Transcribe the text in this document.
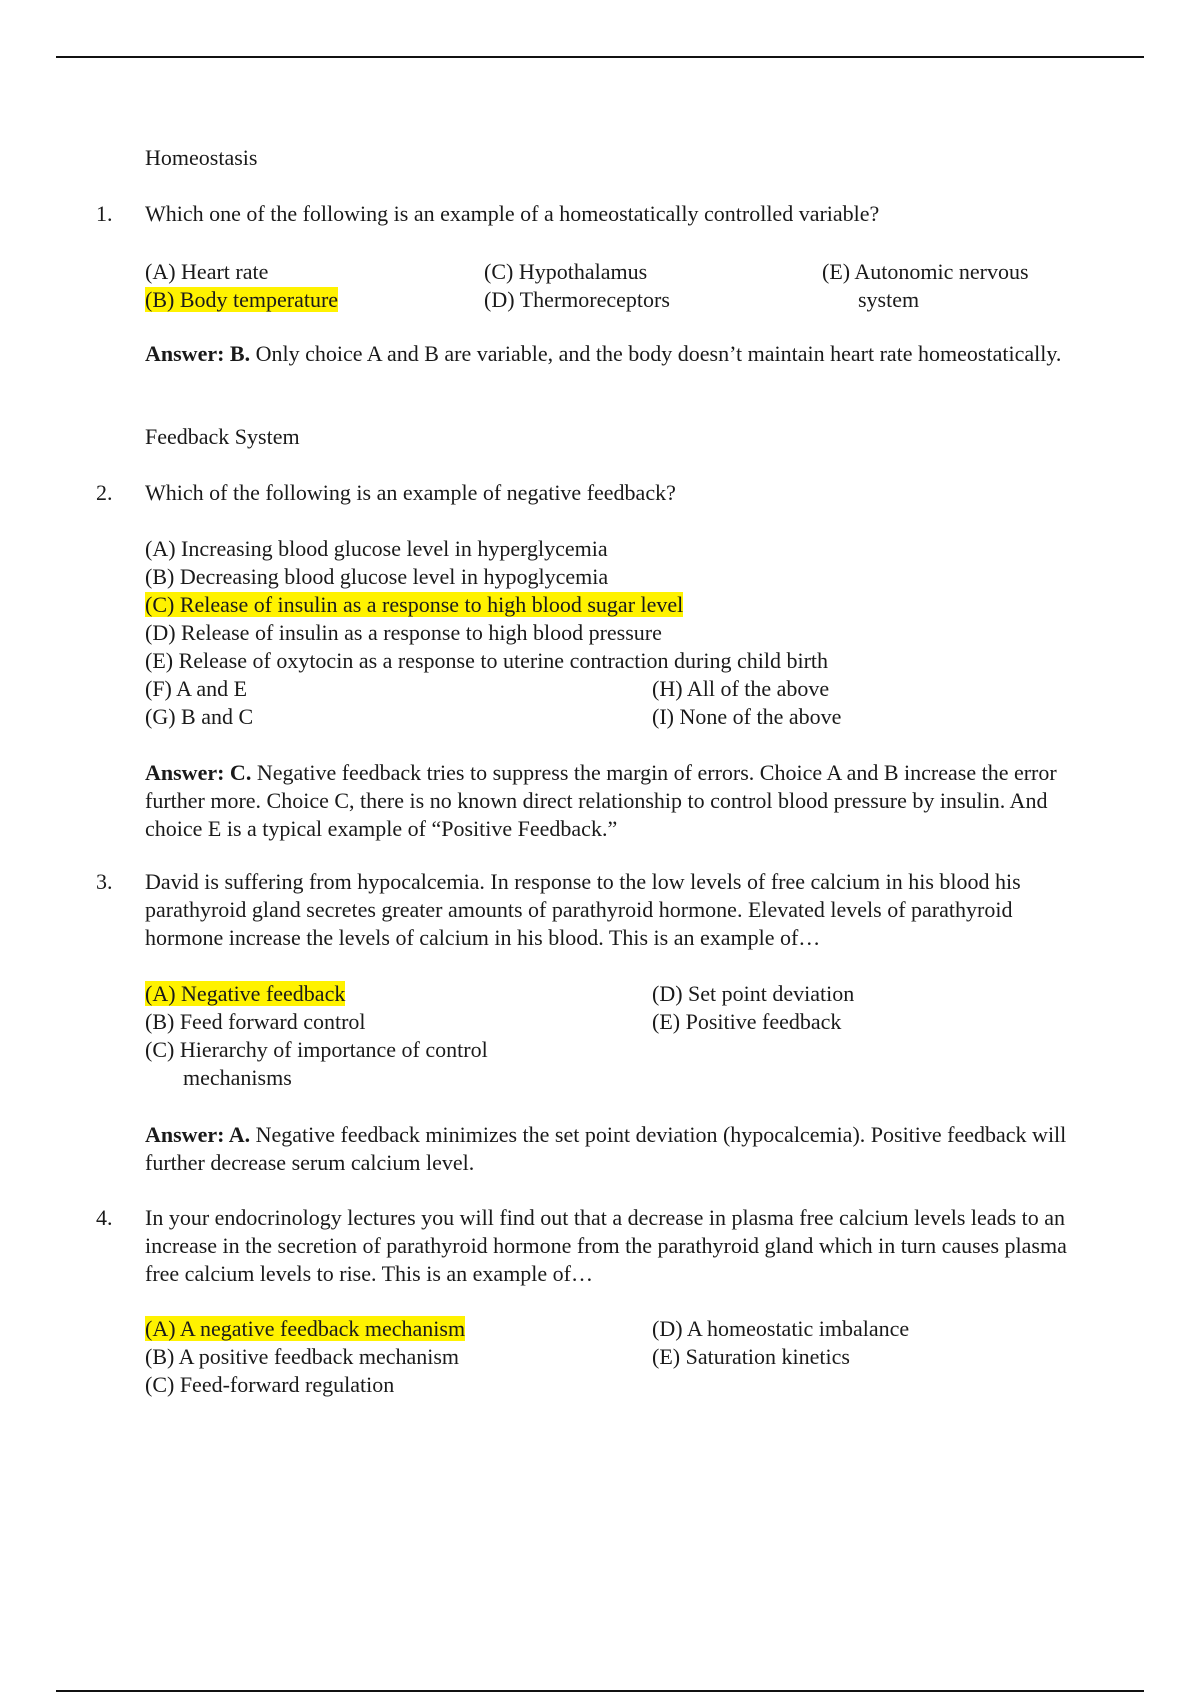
Homeostasis
1. Which one of the following is an example of a homeostatically controlled variable?
(A) Heart rate
(B) Body temperature
(C) Hypothalamus
(D) Thermoreceptors
(E) Autonomic nervous
system
Answer: B. Only choice A and B are variable, and the body doesn’t maintain heart rate homeostatically.
Feedback System
2. Which of the following is an example of negative feedback?
(A) Increasing blood glucose level in hyperglycemia
(B) Decreasing blood glucose level in hypoglycemia
(C) Release of insulin as a response to high blood sugar level
(D) Release of insulin as a response to high blood pressure
(E) Release of oxytocin as a response to uterine contraction during child birth
(F) A and E
(G) B and C
(H) All of the above
(I) None of the above
Answer: C. Negative feedback tries to suppress the margin of errors. Choice A and B increase the error further more. Choice C, there is no known direct relationship to control blood pressure by insulin. And choice E is a typical example of “Positive Feedback.”
3. David is suffering from hypocalcemia. In response to the low levels of free calcium in his blood his parathyroid gland secretes greater amounts of parathyroid hormone. Elevated levels of parathyroid hormone increase the levels of calcium in his blood. This is an example of…
(A) Negative feedback
(B) Feed forward control
(C) Hierarchy of importance of control
mechanisms
(D) Set point deviation
(E) Positive feedback
Answer: A. Negative feedback minimizes the set point deviation (hypocalcemia). Positive feedback will further decrease serum calcium level.
4. In your endocrinology lectures you will find out that a decrease in plasma free calcium levels leads to an increase in the secretion of parathyroid hormone from the parathyroid gland which in turn causes plasma free calcium levels to rise. This is an example of…
(A) A negative feedback mechanism
(B) A positive feedback mechanism
(C) Feed-forward regulation
(D) A homeostatic imbalance
(E) Saturation kinetics
